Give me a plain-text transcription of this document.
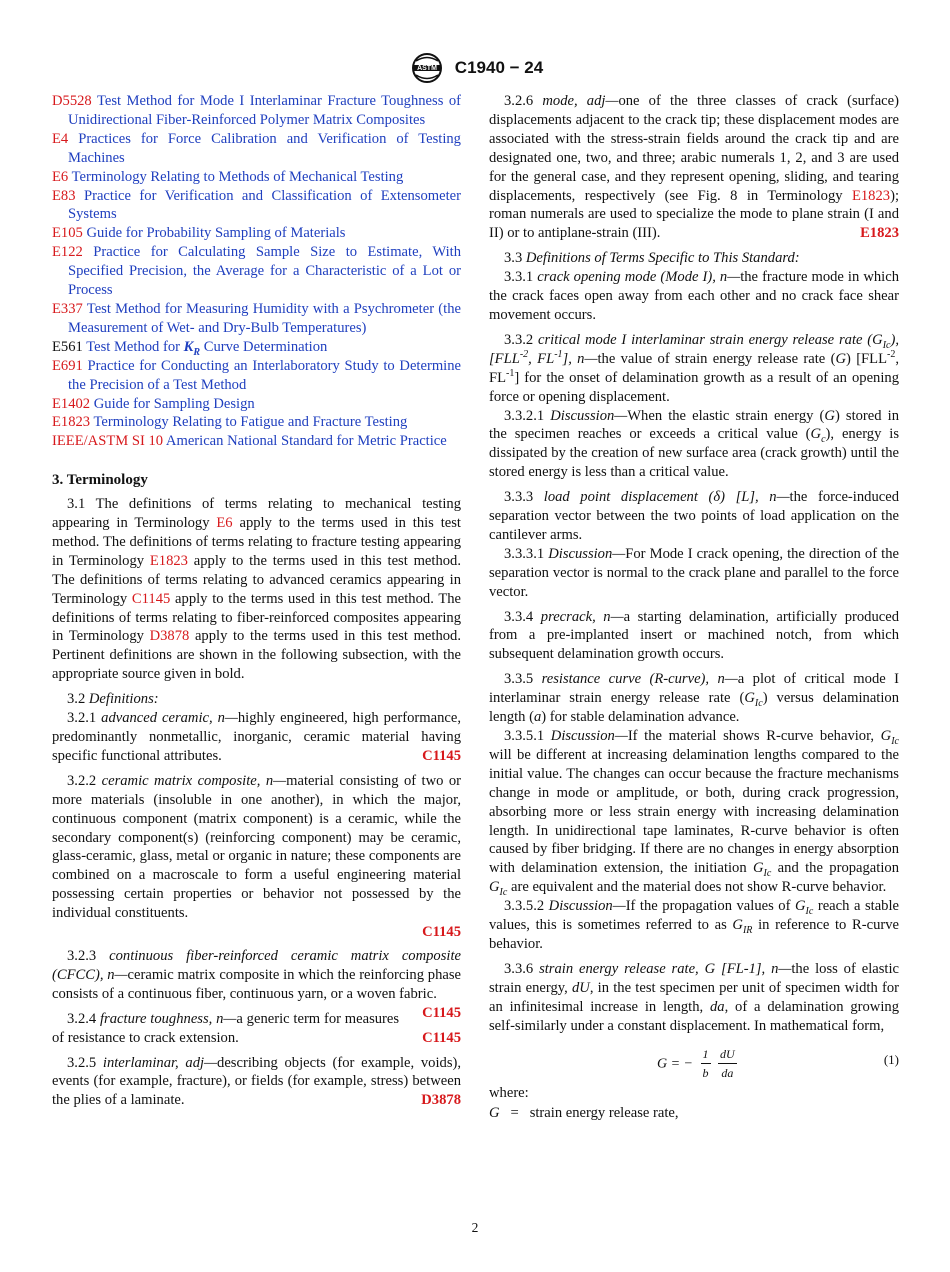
ASTM C1940 − 24

D5528 Test Method for Mode I Interlaminar Fracture Toughness of Unidirectional Fiber-Reinforced Polymer Matrix Composites

E4 Practices for Force Calibration and Verification of Testing Machines

E6 Terminology Relating to Methods of Mechanical Testing

E83 Practice for Verification and Classification of Extensometer Systems

E105 Guide for Probability Sampling of Materials

E122 Practice for Calculating Sample Size to Estimate, With Specified Precision, the Average for a Characteristic of a Lot or Process

E337 Test Method for Measuring Humidity with a Psychrometer (the Measurement of Wet- and Dry-Bulb Temperatures)

E561 Test Method for $K_R$ Curve Determination

E691 Practice for Conducting an Interlaboratory Study to Determine the Precision of a Test Method

E1402 Guide for Sampling Design

E1823 Terminology Relating to Fatigue and Fracture Testing

IEEE/ASTM SI 10 American National Standard for Metric Practice

3. Terminology

3.1 The definitions of terms relating to mechanical testing appearing in Terminology E6 apply to the terms used in this test method. The definitions of terms relating to fracture testing appearing in Terminology E1823 apply to the terms used in this test method. The definitions of terms relating to advanced ceramics appearing in Terminology C1145 apply to the terms used in this test method. The definitions of terms relating to fiber-reinforced composites appearing in Terminology D3878 apply to the terms used in this test method. Pertinent definitions are shown in the following subsection, with the appropriate source given in bold.

3.2 Definitions:

3.2.1 advanced ceramic, n—highly engineered, high performance, predominantly nonmetallic, inorganic, ceramic material having specific functional attributes.	C1145

3.2.2 ceramic matrix composite, n—material consisting of two or more materials (insoluble in one another), in which the major, continuous component (matrix component) is a ceramic, while the secondary component(s) (reinforcing component) may be ceramic, glass-ceramic, glass, metal or organic in nature; these components are combined on a macroscale to form a useful engineering material possessing certain properties or behavior not possessed by the individual constituents.

C1145

3.2.3 continuous fiber-reinforced ceramic matrix composite (CFCC), n—ceramic matrix composite in which the reinforcing phase consists of a continuous fiber, continuous yarn, or a woven fabric.
C1145

3.2.4 fracture toughness, n—a generic term for measures of resistance to crack extension.	C1145

3.2.5 interlaminar, adj—describing objects (for example, voids), events (for example, fracture), or fields (for example, stress) between the plies of a laminate.	D3878

3.2.6 mode, adj—one of the three classes of crack (surface) displacements adjacent to the crack tip; these displacement modes are associated with the stress-strain fields around the crack tip and are designated one, two, and three; arabic numerals 1, 2, and 3 are used for the general case, and they represent opening, sliding, and tearing displacements, respectively (see Fig. 8 in Terminology E1823); roman numerals are used to specialize the mode to plane strain (I and II) or to antiplane-strain (III).	E1823

3.3 Definitions of Terms Specific to This Standard:

3.3.1 crack opening mode (Mode I), n—the fracture mode in which the crack faces open away from each other and no crack face shear movement occurs.

3.3.2 critical mode I interlaminar strain energy release rate $(G_{Ic})$, [$FLL^{-2}$, $FL^{-1}$], n—the value of strain energy release rate (G) [$FLL^{-2}$, $FL^{-1}$] for the onset of delamination growth as a result of an opening force or opening displacement.

3.3.2.1 Discussion—When the elastic strain energy (G) stored in the specimen reaches or exceeds a critical value $(G_c)$, energy is dissipated by the creation of new surface area (crack growth) until the stored energy is less than a critical value.

3.3.3 load point displacement (δ) [L], n—the force-induced separation vector between the two points of load application on the cantilever arms.

3.3.3.1 Discussion—For Mode I crack opening, the direction of the separation vector is normal to the crack plane and parallel to the force vector.

3.3.4 precrack, n—a starting delamination, artificially produced from a pre-implanted insert or machined notch, from which subsequent delamination growth occurs.

3.3.5 resistance curve (R-curve), n—a plot of critical mode I interlaminar strain energy release rate $(G_{Ic})$ versus delamination length (a) for stable delamination advance.

3.3.5.1 Discussion—If the material shows R-curve behavior, $G_{Ic}$ will be different at increasing delamination lengths compared to the initial value. The changes can occur because the fracture mechanisms change in mode or amplitude, or both, during crack progression, absorbing more or less strain energy with increasing delamination length. In unidirectional tape laminates, R-curve behavior is often caused by fiber bridging. If there are no changes in energy absorption with delamination extension, the initiation $G_{Ic}$ and the propagation $G_{Ic}$ are equivalent and the material does not show R-curve behavior.

3.3.5.2 Discussion—If the propagation values of $G_{Ic}$ reach a stable values, this is sometimes referred to as $G_{IR}$ in reference to R-curve behavior.

3.3.6 strain energy release rate, G [FL-1], n—the loss of elastic strain energy, dU, in the test specimen per unit of specimen width for an infinitesimal increase in length, da, of a delamination growing self-similarly under a constant displacement. In mathematical form,

G = − $\frac{1}{b}$
$\frac{dU}{da}$	(1)

where:

G = strain energy release rate,

2
